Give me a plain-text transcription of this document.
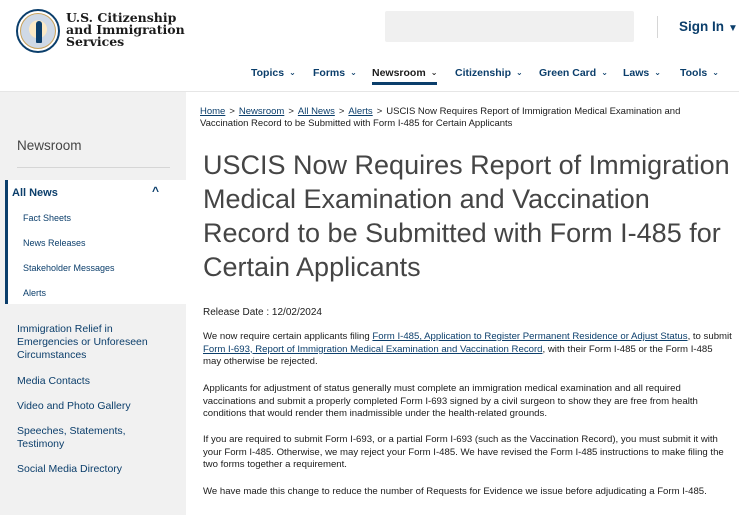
U.S. Citizenship
and Immigration
Services
Sign In ▼
Topics ⌄ Forms ⌄ Newsroom ⌄ Citizenship ⌄ Green Card ⌄ Laws ⌄ Tools ⌄
Newsroom
All News	^
Fact Sheets
News Releases
Stakeholder Messages
Alerts
Immigration Relief in Emergencies or Unforeseen Circumstances
Media Contacts
Video and Photo Gallery
Speeches, Statements, Testimony
Social Media Directory
Home > Newsroom > All News > Alerts > USCIS Now Requires Report of Immigration Medical Examination and Vaccination Record to be Submitted with Form I-485 for Certain Applicants
USCIS Now Requires Report of Immigration Medical Examination and Vaccination Record to be Submitted with Form I-485 for Certain Applicants
Release Date : 12/02/2024

We now require certain applicants filing Form I-485, Application to Register Permanent Residence or Adjust Status, to submit Form I-693, Report of Immigration Medical Examination and Vaccination Record, with their Form I-485 or the Form I-485 may otherwise be rejected.

Applicants for adjustment of status generally must complete an immigration medical examination and all required vaccinations and submit a properly completed Form I-693 signed by a civil surgeon to show they are free from health conditions that would render them inadmissible under the health-related grounds.

If you are required to submit Form I-693, or a partial Form I-693 (such as the Vaccination Record), you must submit it with your Form I-485. Otherwise, we may reject your Form I-485. We have revised the Form I-485 instructions to make filing the two forms together a requirement.

We have made this change to reduce the number of Requests for Evidence we issue before adjudicating a Form I-485.
